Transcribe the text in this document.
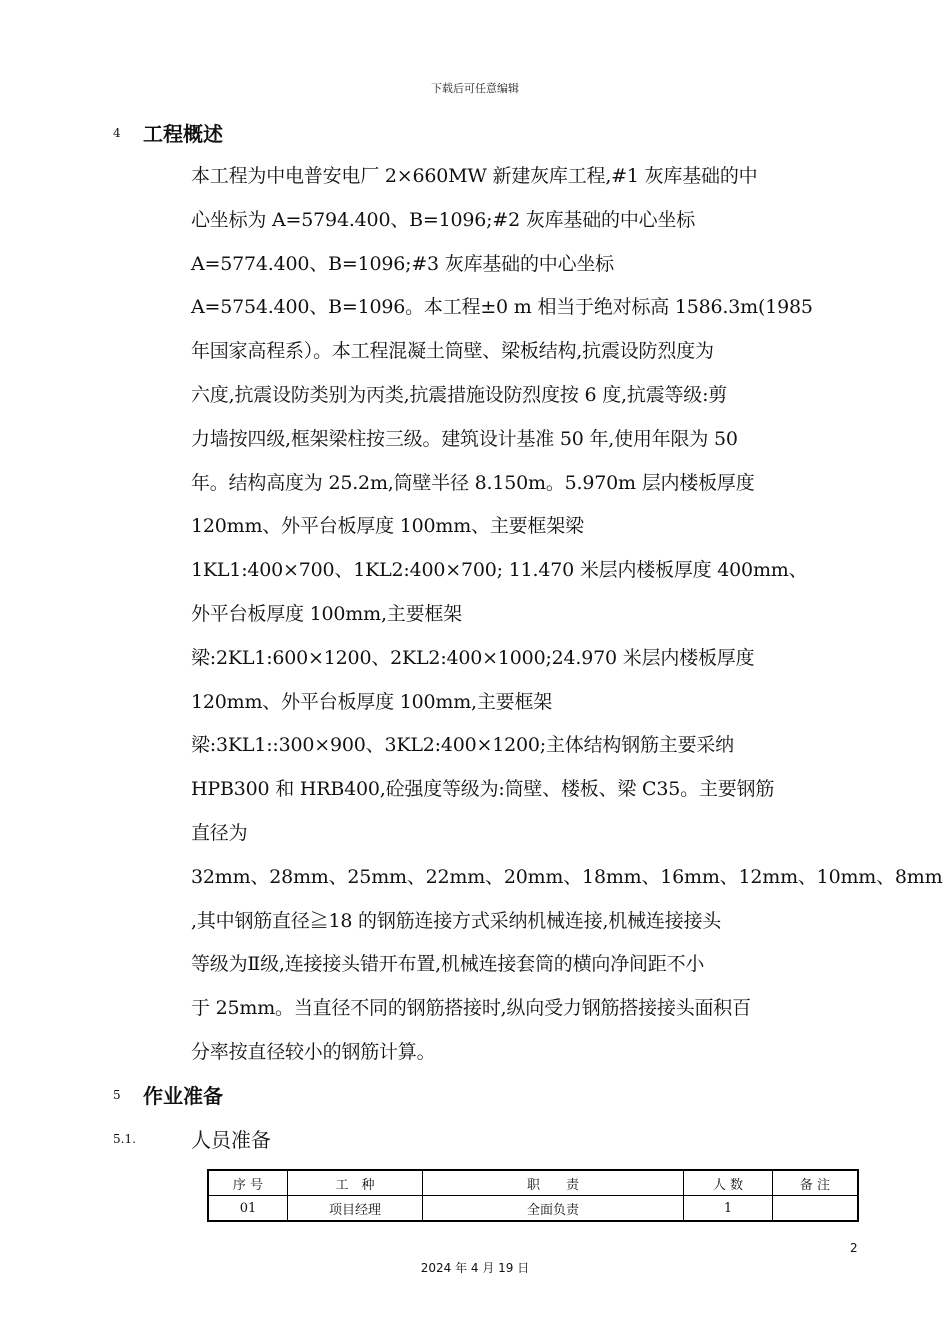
下载后可任意编辑
4 工程概述
本工程为中电普安电厂 2×660MW 新建灰库工程,#1 灰库基础的中
心坐标为 A=5794.400、B=1096;#2 灰库基础的中心坐标
A=5774.400、B=1096;#3 灰库基础的中心坐标
A=5754.400、B=1096。本工程±0 m 相当于绝对标高 1586.3m(1985
年国家高程系）。本工程混凝土筒壁、梁板结构,抗震设防烈度为
六度,抗震设防类别为丙类,抗震措施设防烈度按 6 度,抗震等级:剪
力墙按四级,框架梁柱按三级。建筑设计基准 50 年,使用年限为 50
年。结构高度为 25.2m,筒壁半径 8.150m。5.970m 层内楼板厚度
120mm、外平台板厚度 100mm、主要框架梁
1KL1:400×700、1KL2:400×700; 11.470 米层内楼板厚度 400mm、
外平台板厚度 100mm,主要框架
梁:2KL1:600×1200、2KL2:400×1000;24.970 米层内楼板厚度
120mm、外平台板厚度 100mm,主要框架
梁:3KL1::300×900、3KL2:400×1200;主体结构钢筋主要采纳
HPB300 和 HRB400,砼强度等级为:筒壁、楼板、梁 C35。主要钢筋
直径为
32mm、28mm、25mm、22mm、20mm、18mm、16mm、12mm、10mm、8mm
,其中钢筋直径≧18 的钢筋连接方式采纳机械连接,机械连接接头
等级为Ⅱ级,连接接头错开布置,机械连接套筒的横向净间距不小
于 25mm。当直径不同的钢筋搭接时,纵向受力钢筋搭接接头面积百
分率按直径较小的钢筋计算。
5 作业准备
5.1.	人员准备
序 号	工　种	职　　责	人 数	备 注
01	项目经理	全面负责	1	
2
2024 年 4 月 19 日
